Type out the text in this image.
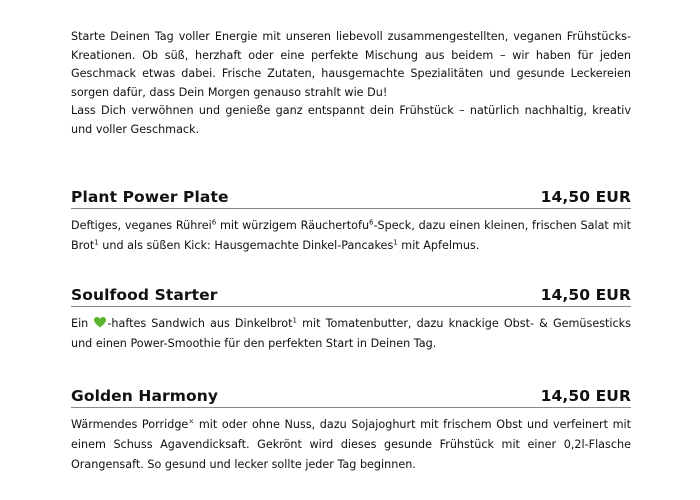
Starte Deinen Tag voller Energie mit unseren liebevoll zusammengestellten, veganen Frühstücks-Kreationen. Ob süß, herzhaft oder eine perfekte Mischung aus beidem – wir haben für jeden Geschmack etwas dabei. Frische Zutaten, hausgemachte Spezialitäten und gesunde Leckereien sorgen dafür, dass Dein Morgen genauso strahlt wie Du!

Lass Dich verwöhnen und genieße ganz entspannt dein Frühstück – natürlich nachhaltig, kreativ und voller Geschmack.

Plant Power Plate	14,50 EUR
Deftiges, veganes Rührei$^6$ mit würzigem Räuchertofu$^6$-Speck, dazu einen kleinen, frischen Salat mit Brot$^1$ und als süßen Kick: Hausgemachte Dinkel-Pancakes$^1$ mit Apfelmus.
Soulfood Starter	14,50 EUR
Ein -haftes Sandwich aus Dinkelbrot$^1$ mit Tomatenbutter, dazu knackige Obst- & Gemüsesticks und einen Power-Smoothie für den perfekten Start in Deinen Tag.
Golden Harmony	14,50 EUR
Wärmendes Porridge× mit oder ohne Nuss, dazu Sojajoghurt mit frischem Obst und verfeinert mit einem Schuss Agavendicksaft. Gekrönt wird dieses gesunde Frühstück mit einer 0,2l-Flasche Orangensaft. So gesund und lecker sollte jeder Tag beginnen.
